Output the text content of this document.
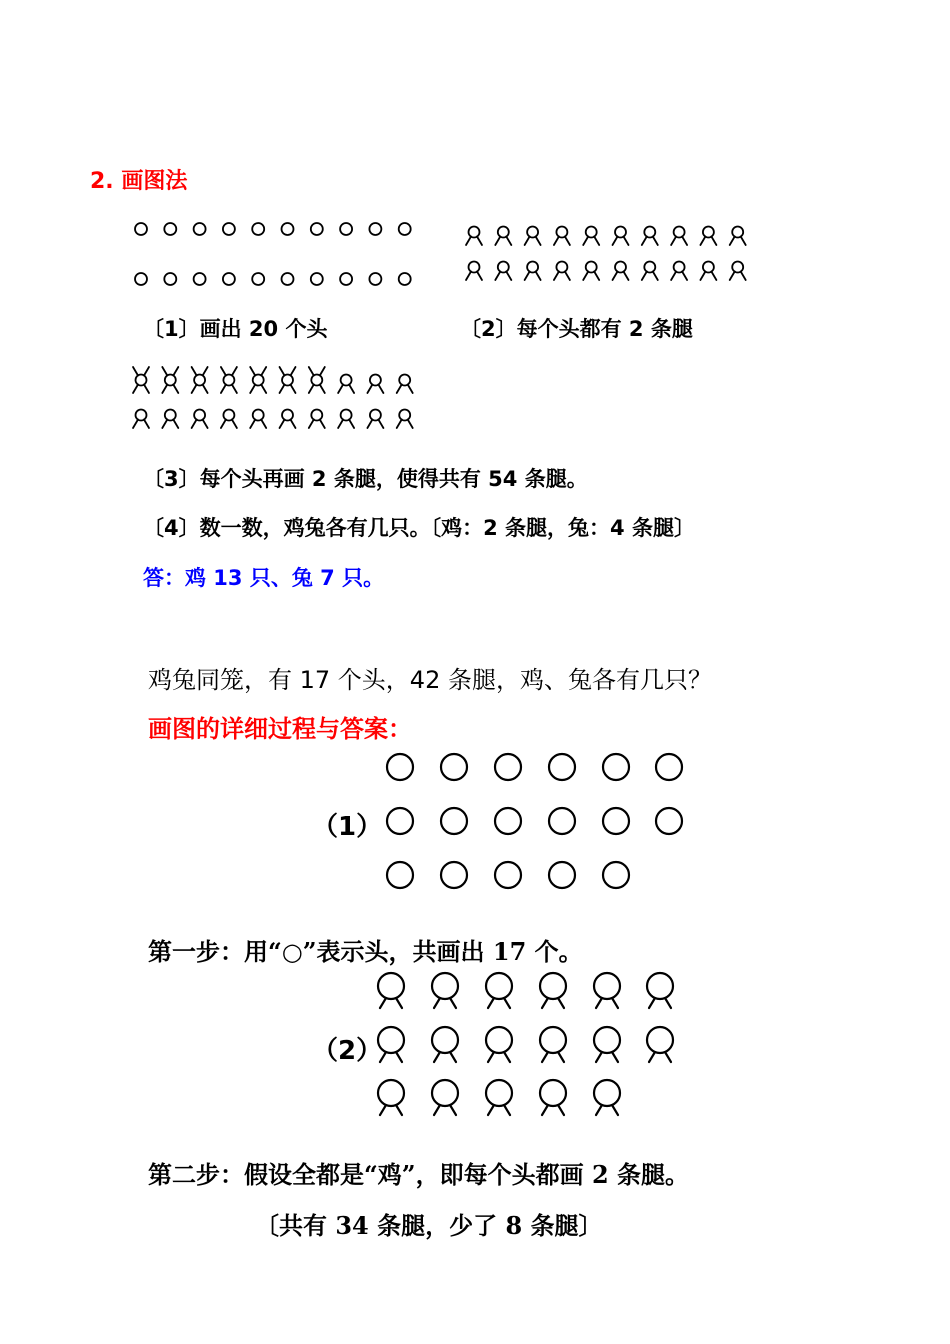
2. 画图法
〔1〕画出 20 个头	〔2〕每个头都有 2 条腿
〔3〕每个头再画 2 条腿，使得共有 54 条腿。
〔4〕数一数，鸡兔各有几只。〔鸡：2 条腿，兔：4 条腿〕
答：鸡 13 只、兔 7 只。
鸡兔同笼，有 17 个头，42 条腿，鸡、兔各有几只？
画图的详细过程与答案：
（1）
第一步：用“○”表示头，共画出 17 个。
（2）
第二步：假设全都是“鸡”，即每个头都画 2 条腿。
〔共有 34 条腿，少了 8 条腿〕
